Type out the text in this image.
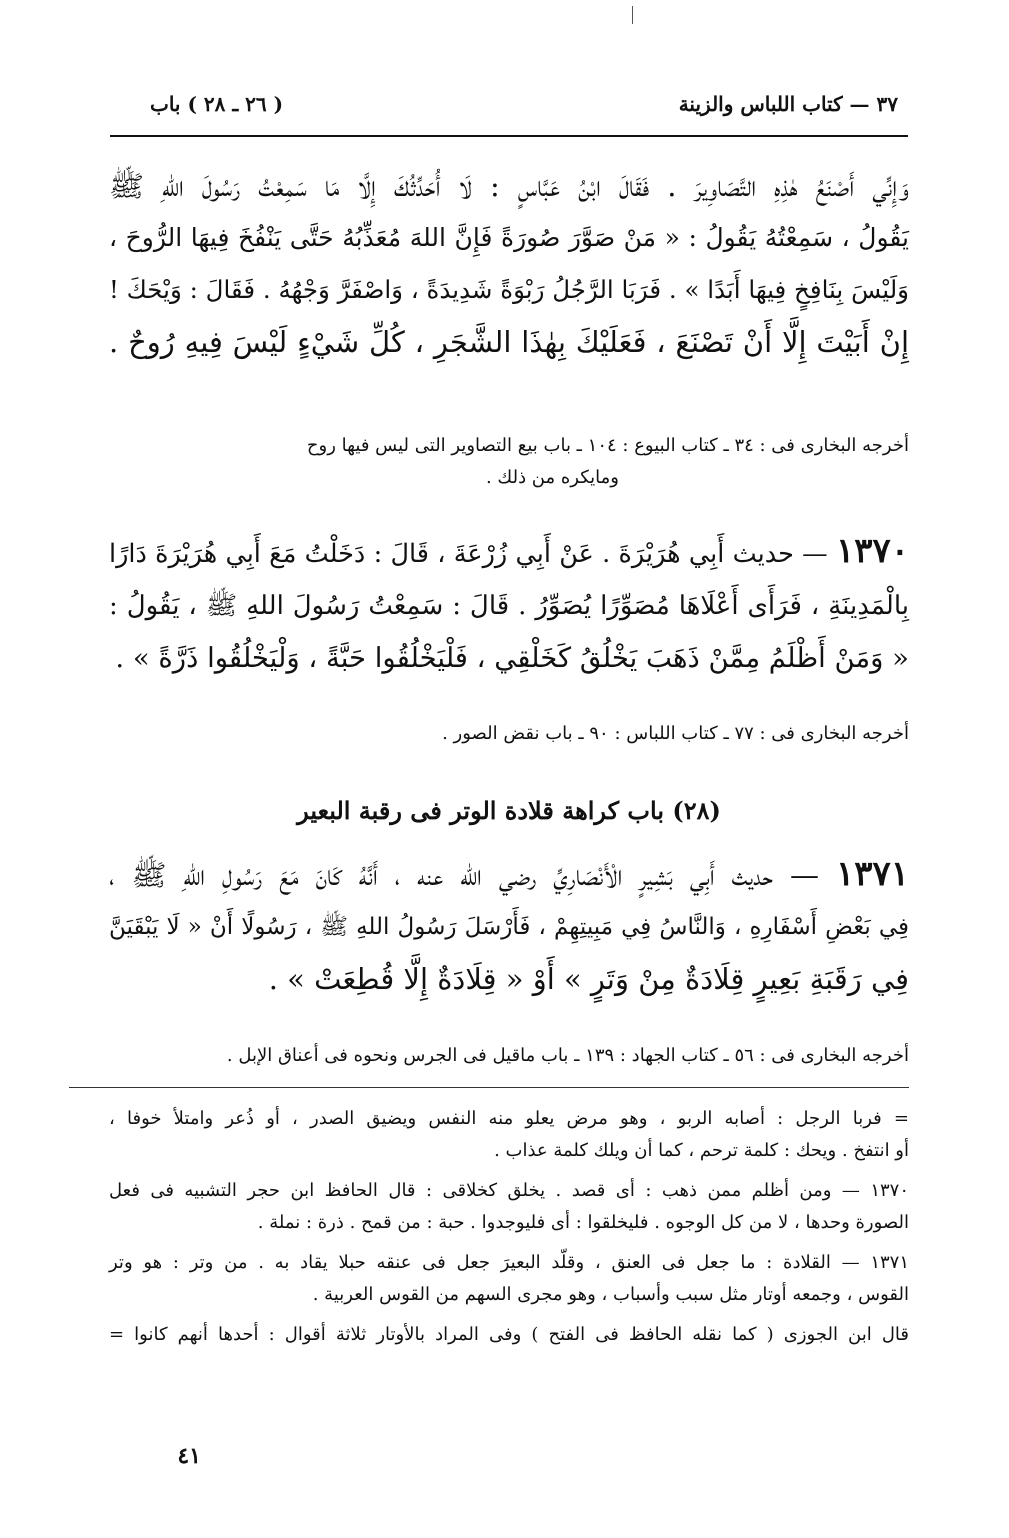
٣٧ — كتاب اللباس والزينة
( ٢٦ ـ ٢٨ ) باب
وَإِنِّي أَصْنَعُ هٰذِهِ التَّصَاوِيرَ . فَقَالَ ابْنُ عَبَّاسٍ : لَا أُحَدِّثُكَ إِلَّا مَا سَمِعْتُ رَسُولَ اللهِ ﷺ
يَقُولُ ، سَمِعْتُهُ يَقُولُ : « مَنْ صَوَّرَ صُورَةً فَإِنَّ اللهَ مُعَذِّبُهُ حَتَّى يَنْفُخَ فِيهَا الرُّوحَ ،
وَلَيْسَ بِنَافِخٍ فِيهَا أَبَدًا » . فَرَبَا الرَّجُلُ رَبْوَةً شَدِيدَةً ، وَاصْفَرَّ وَجْهُهُ . فَقَالَ : وَيْحَكَ !
إِنْ أَبَيْتَ إِلَّا أَنْ تَصْنَعَ ، فَعَلَيْكَ بِهٰذَا الشَّجَرِ ، كُلِّ شَيْءٍ لَيْسَ فِيهِ رُوحٌ .
أخرجه البخارى فى : ٣٤ ـ كتاب البيوع : ١٠٤ ـ باب بيع التصاوير التى ليس فيها روح
ومايكره من ذلك .
١٣٧٠ — حديث أَبِي هُرَيْرَةَ . عَنْ أَبِي زُرْعَةَ ، قَالَ : دَخَلْتُ مَعَ أَبِي هُرَيْرَةَ دَارًا
بِالْمَدِينَةِ ، فَرَأَى أَعْلَاهَا مُصَوِّرًا يُصَوِّرُ . قَالَ : سَمِعْتُ رَسُولَ اللهِ ﷺ ، يَقُولُ :
« وَمَنْ أَظْلَمُ مِمَّنْ ذَهَبَ يَخْلُقُ كَخَلْقِي ، فَلْيَخْلُقُوا حَبَّةً ، وَلْيَخْلُقُوا ذَرَّةً » .
أخرجه البخارى فى : ٧٧ ـ كتاب اللباس : ٩٠ ـ باب نقض الصور .
(٢٨) باب كراهة قلادة الوتر فى رقبة البعير
١٣٧١ — حديث أَبِي بَشِيرٍ الْأَنْصَارِيِّ رضي الله عنه ، أَنَّهُ كَانَ مَعَ رَسُولِ اللهِ ﷺ ،
فِي بَعْضِ أَسْفَارِهِ ، وَالنَّاسُ فِي مَبِيتِهِمْ ، فَأَرْسَلَ رَسُولُ اللهِ ﷺ ، رَسُولًا أَنْ « لَا يَبْقَيَنَّ
فِي رَقَبَةِ بَعِيرٍ قِلَادَةٌ مِنْ وَتَرٍ » أَوْ « قِلَادَةٌ إِلَّا قُطِعَتْ » .
أخرجه البخارى فى : ٥٦ ـ كتاب الجهاد : ١٣٩ ـ باب ماقيل فى الجرس ونحوه فى أعناق الإبل .
= فربا الرجل : أصابه الربو ، وهو مرض يعلو منه النفس ويضيق الصدر ، أو ذُعر وامتلأ خوفا ،
أو انتفخ . ويحك : كلمة ترحم ، كما أن ويلك كلمة عذاب .
١٣٧٠ — ومن أظلم ممن ذهب : أى قصد . يخلق كخلاقى : قال الحافظ ابن حجر التشبيه فى فعل
الصورة وحدها ، لا من كل الوجوه . فليخلقوا : أى فليوجدوا . حبة : من قمح . ذرة : نملة .
١٣٧١ — القلادة : ما جعل فى العنق ، وقلّد البعيرَ جعل فى عنقه حبلا يقاد به . من وتر : هو وتر
القوس ، وجمعه أوتار مثل سبب وأسباب ، وهو مجرى السهم من القوس العربية .
قال ابن الجوزى ( كما نقله الحافظ فى الفتح ) وفى المراد بالأوتار ثلاثة أقوال : أحدها أنهم كانوا =
٤١
